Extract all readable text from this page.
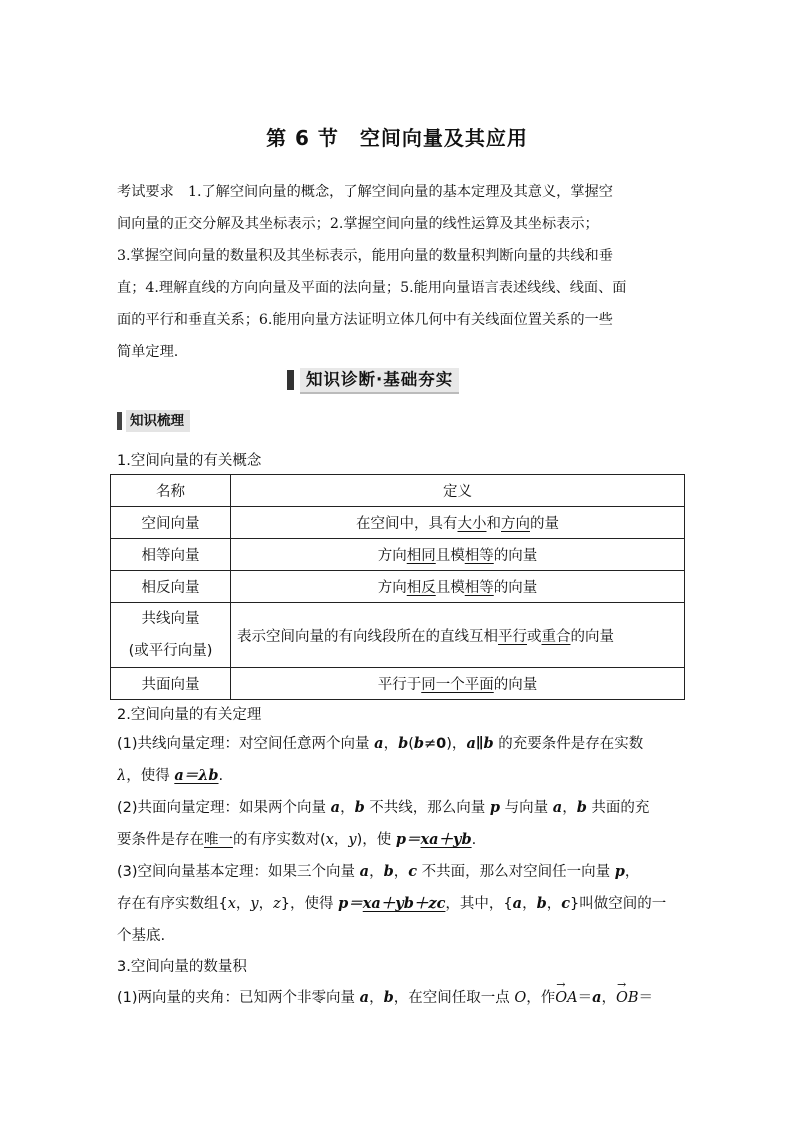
第 6 节　空间向量及其应用
考试要求　1.了解空间向量的概念，了解空间向量的基本定理及其意义，掌握空
间向量的正交分解及其坐标表示；2.掌握空间向量的线性运算及其坐标表示；
3.掌握空间向量的数量积及其坐标表示，能用向量的数量积判断向量的共线和垂
直；4.理解直线的方向向量及平面的法向量；5.能用向量语言表述线线、线面、面
面的平行和垂直关系；6.能用向量方法证明立体几何中有关线面位置关系的一些
简单定理.
知识诊断·基础夯实
知识梳理
1.空间向量的有关概念
名称	定义
空间向量	在空间中，具有大小和方向的量
相等向量	方向相同且模相等的向量
相反向量	方向相反且模相等的向量

共线向量
(或平行向量)	表示空间向量的有向线段所在的直线互相平行或重合的向量
共面向量	平行于同一个平面的向量
2.空间向量的有关定理
(1)共线向量定理：对空间任意两个向量 a，b(b≠0)，a∥b 的充要条件是存在实数
λ，使得 a＝λb.
(2)共面向量定理：如果两个向量 a，b 不共线，那么向量 p 与向量 a，b 共面的充
要条件是存在唯一的有序实数对(x，y)，使 p＝xa＋yb.
(3)空间向量基本定理：如果三个向量 a，b，c 不共面，那么对空间任一向量 p，
存在有序实数组{x，y，z}，使得 p＝xa＋yb＋zc，其中，{a，b，c}叫做空间的一
个基底.
3.空间向量的数量积
(1)两向量的夹角：已知两个非零向量 a，b，在空间任取一点 O，作→ OA＝a，→ OB＝
